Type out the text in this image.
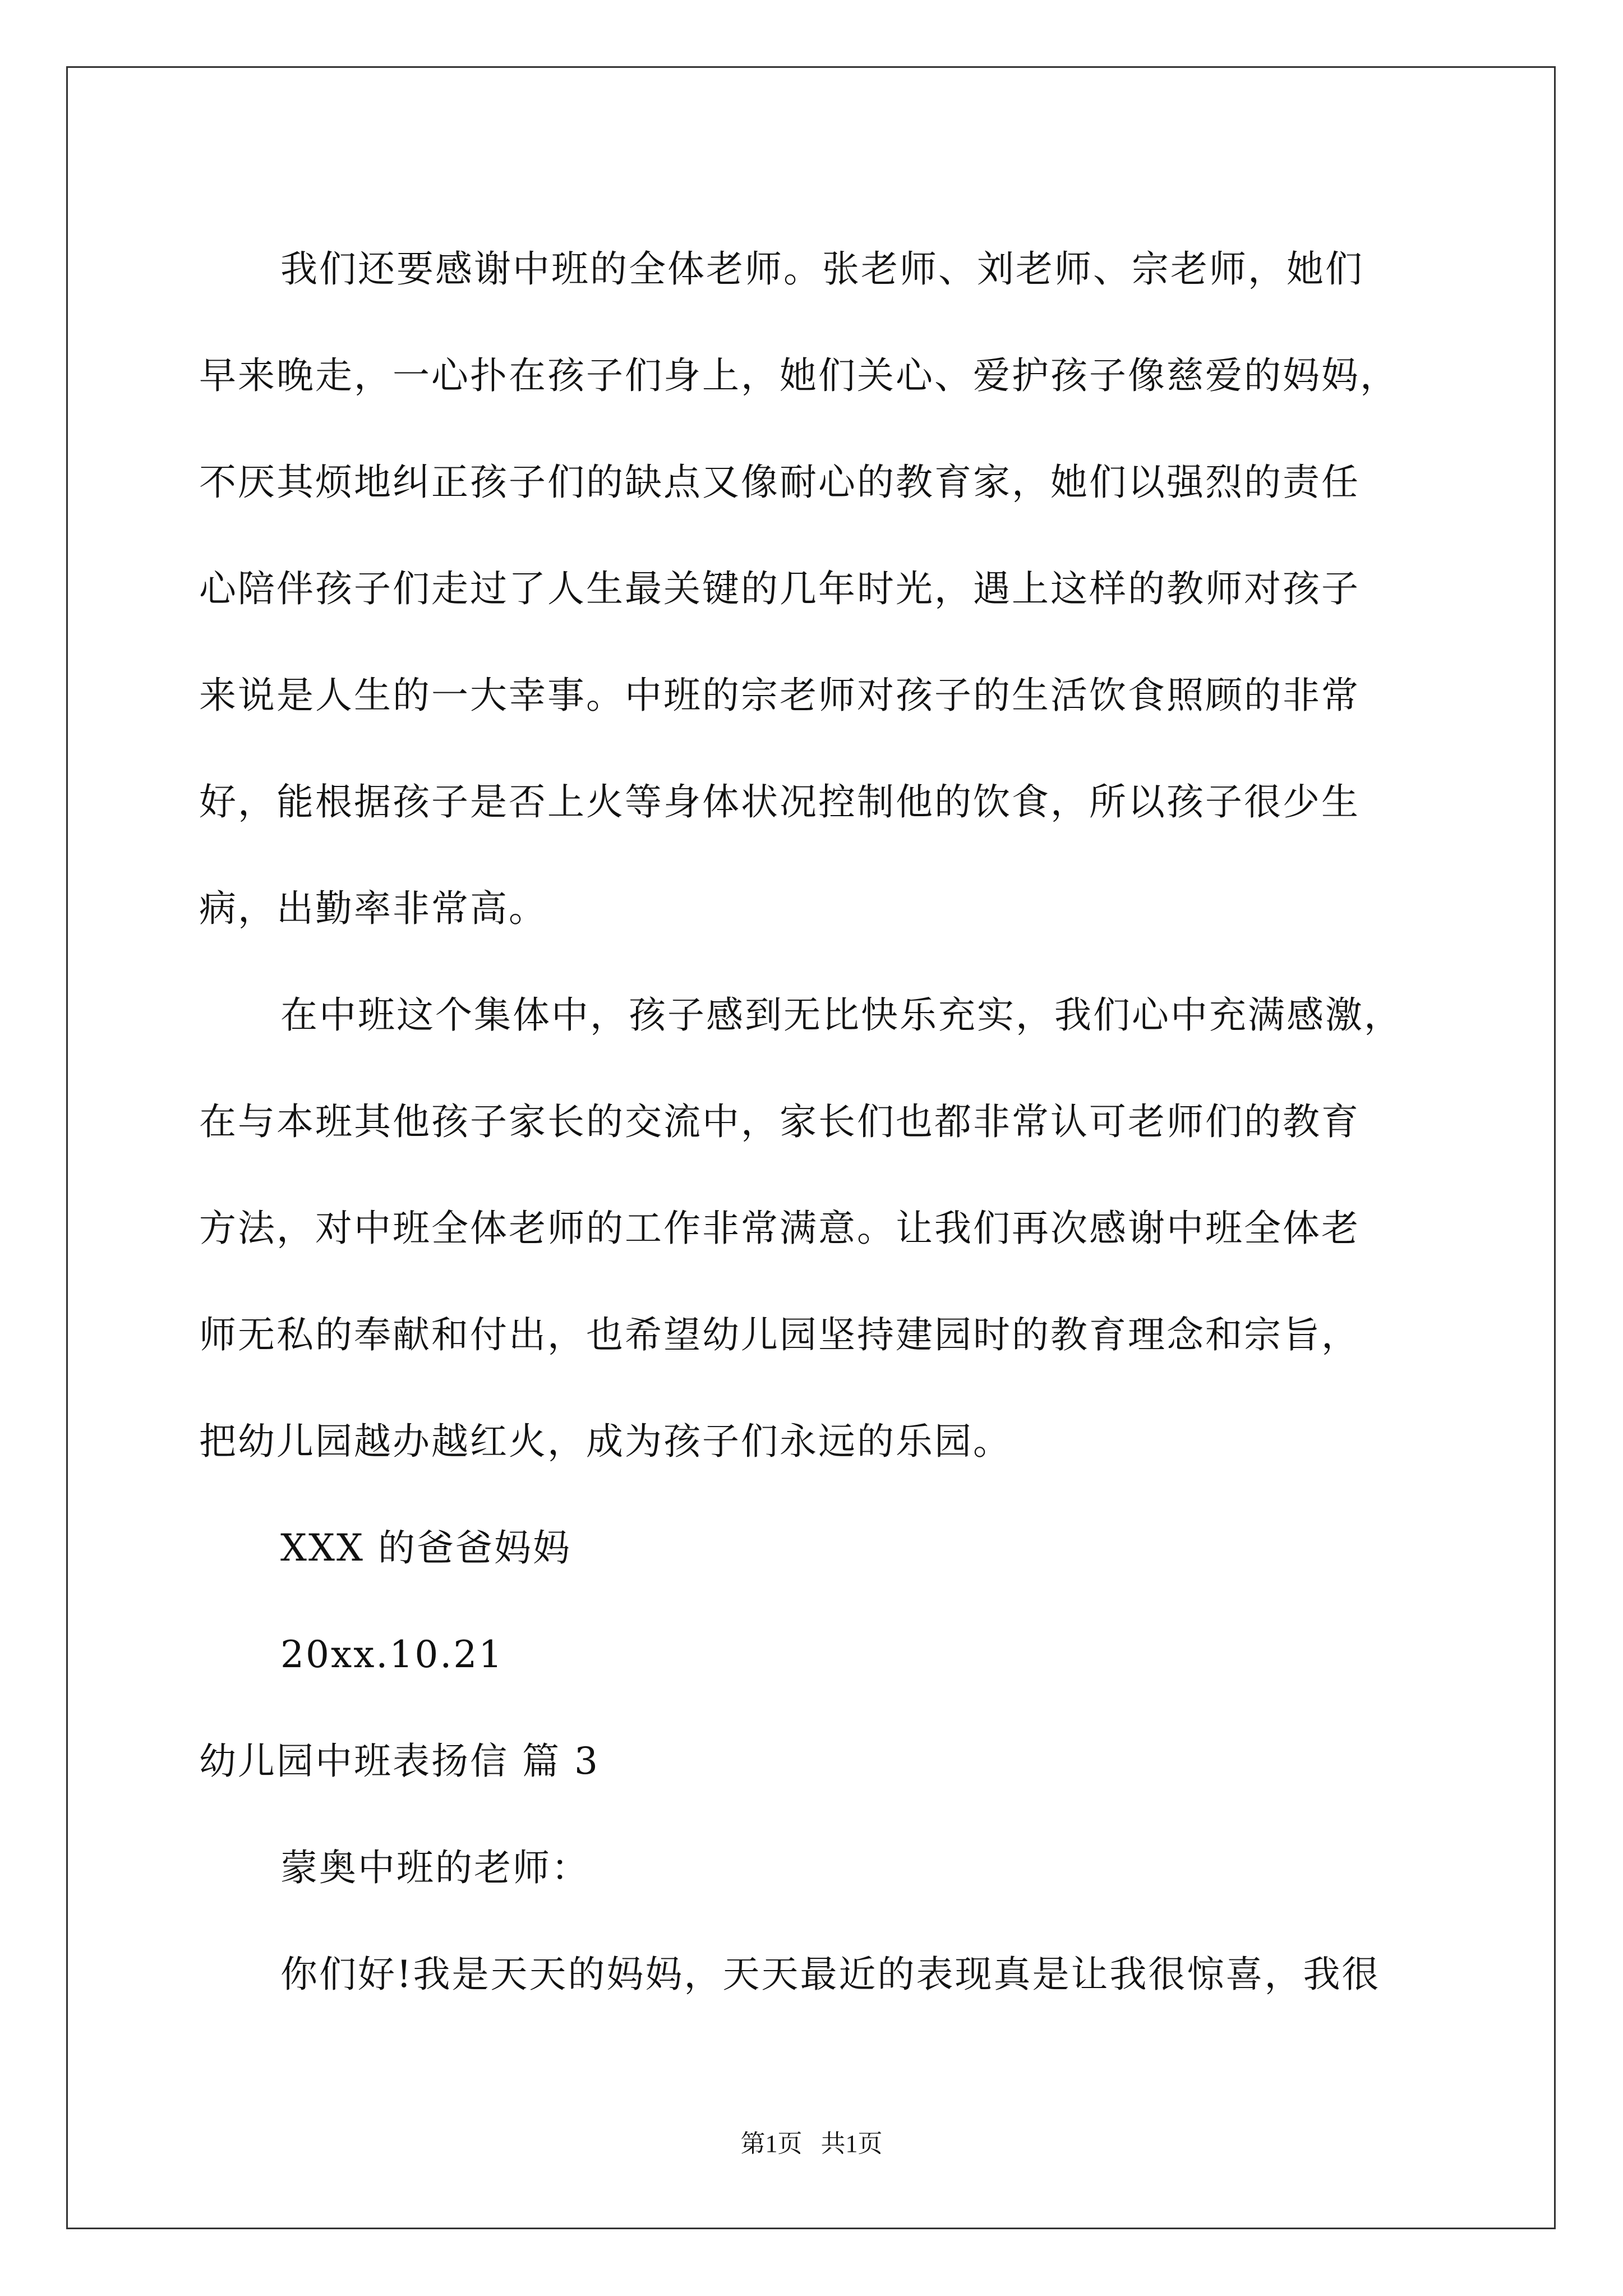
我们还要感谢中班的全体老师。张老师、刘老师、宗老师，她们
早来晚走，一心扑在孩子们身上，她们关心、爱护孩子像慈爱的妈妈，
不厌其烦地纠正孩子们的缺点又像耐心的教育家，她们以强烈的责任
心陪伴孩子们走过了人生最关键的几年时光，遇上这样的教师对孩子
来说是人生的一大幸事。中班的宗老师对孩子的生活饮食照顾的非常
好，能根据孩子是否上火等身体状况控制他的饮食，所以孩子很少生
病，出勤率非常高。
在中班这个集体中，孩子感到无比快乐充实，我们心中充满感激，
在与本班其他孩子家长的交流中，家长们也都非常认可老师们的教育
方法，对中班全体老师的工作非常满意。让我们再次感谢中班全体老
师无私的奉献和付出，也希望幼儿园坚持建园时的教育理念和宗旨，
把幼儿园越办越红火，成为孩子们永远的乐园。
XXX 的爸爸妈妈
20xx.10.21
幼儿园中班表扬信 篇 3
蒙奥中班的老师：
你们好!我是天天的妈妈，天天最近的表现真是让我很惊喜，我很
第1页   共1页
